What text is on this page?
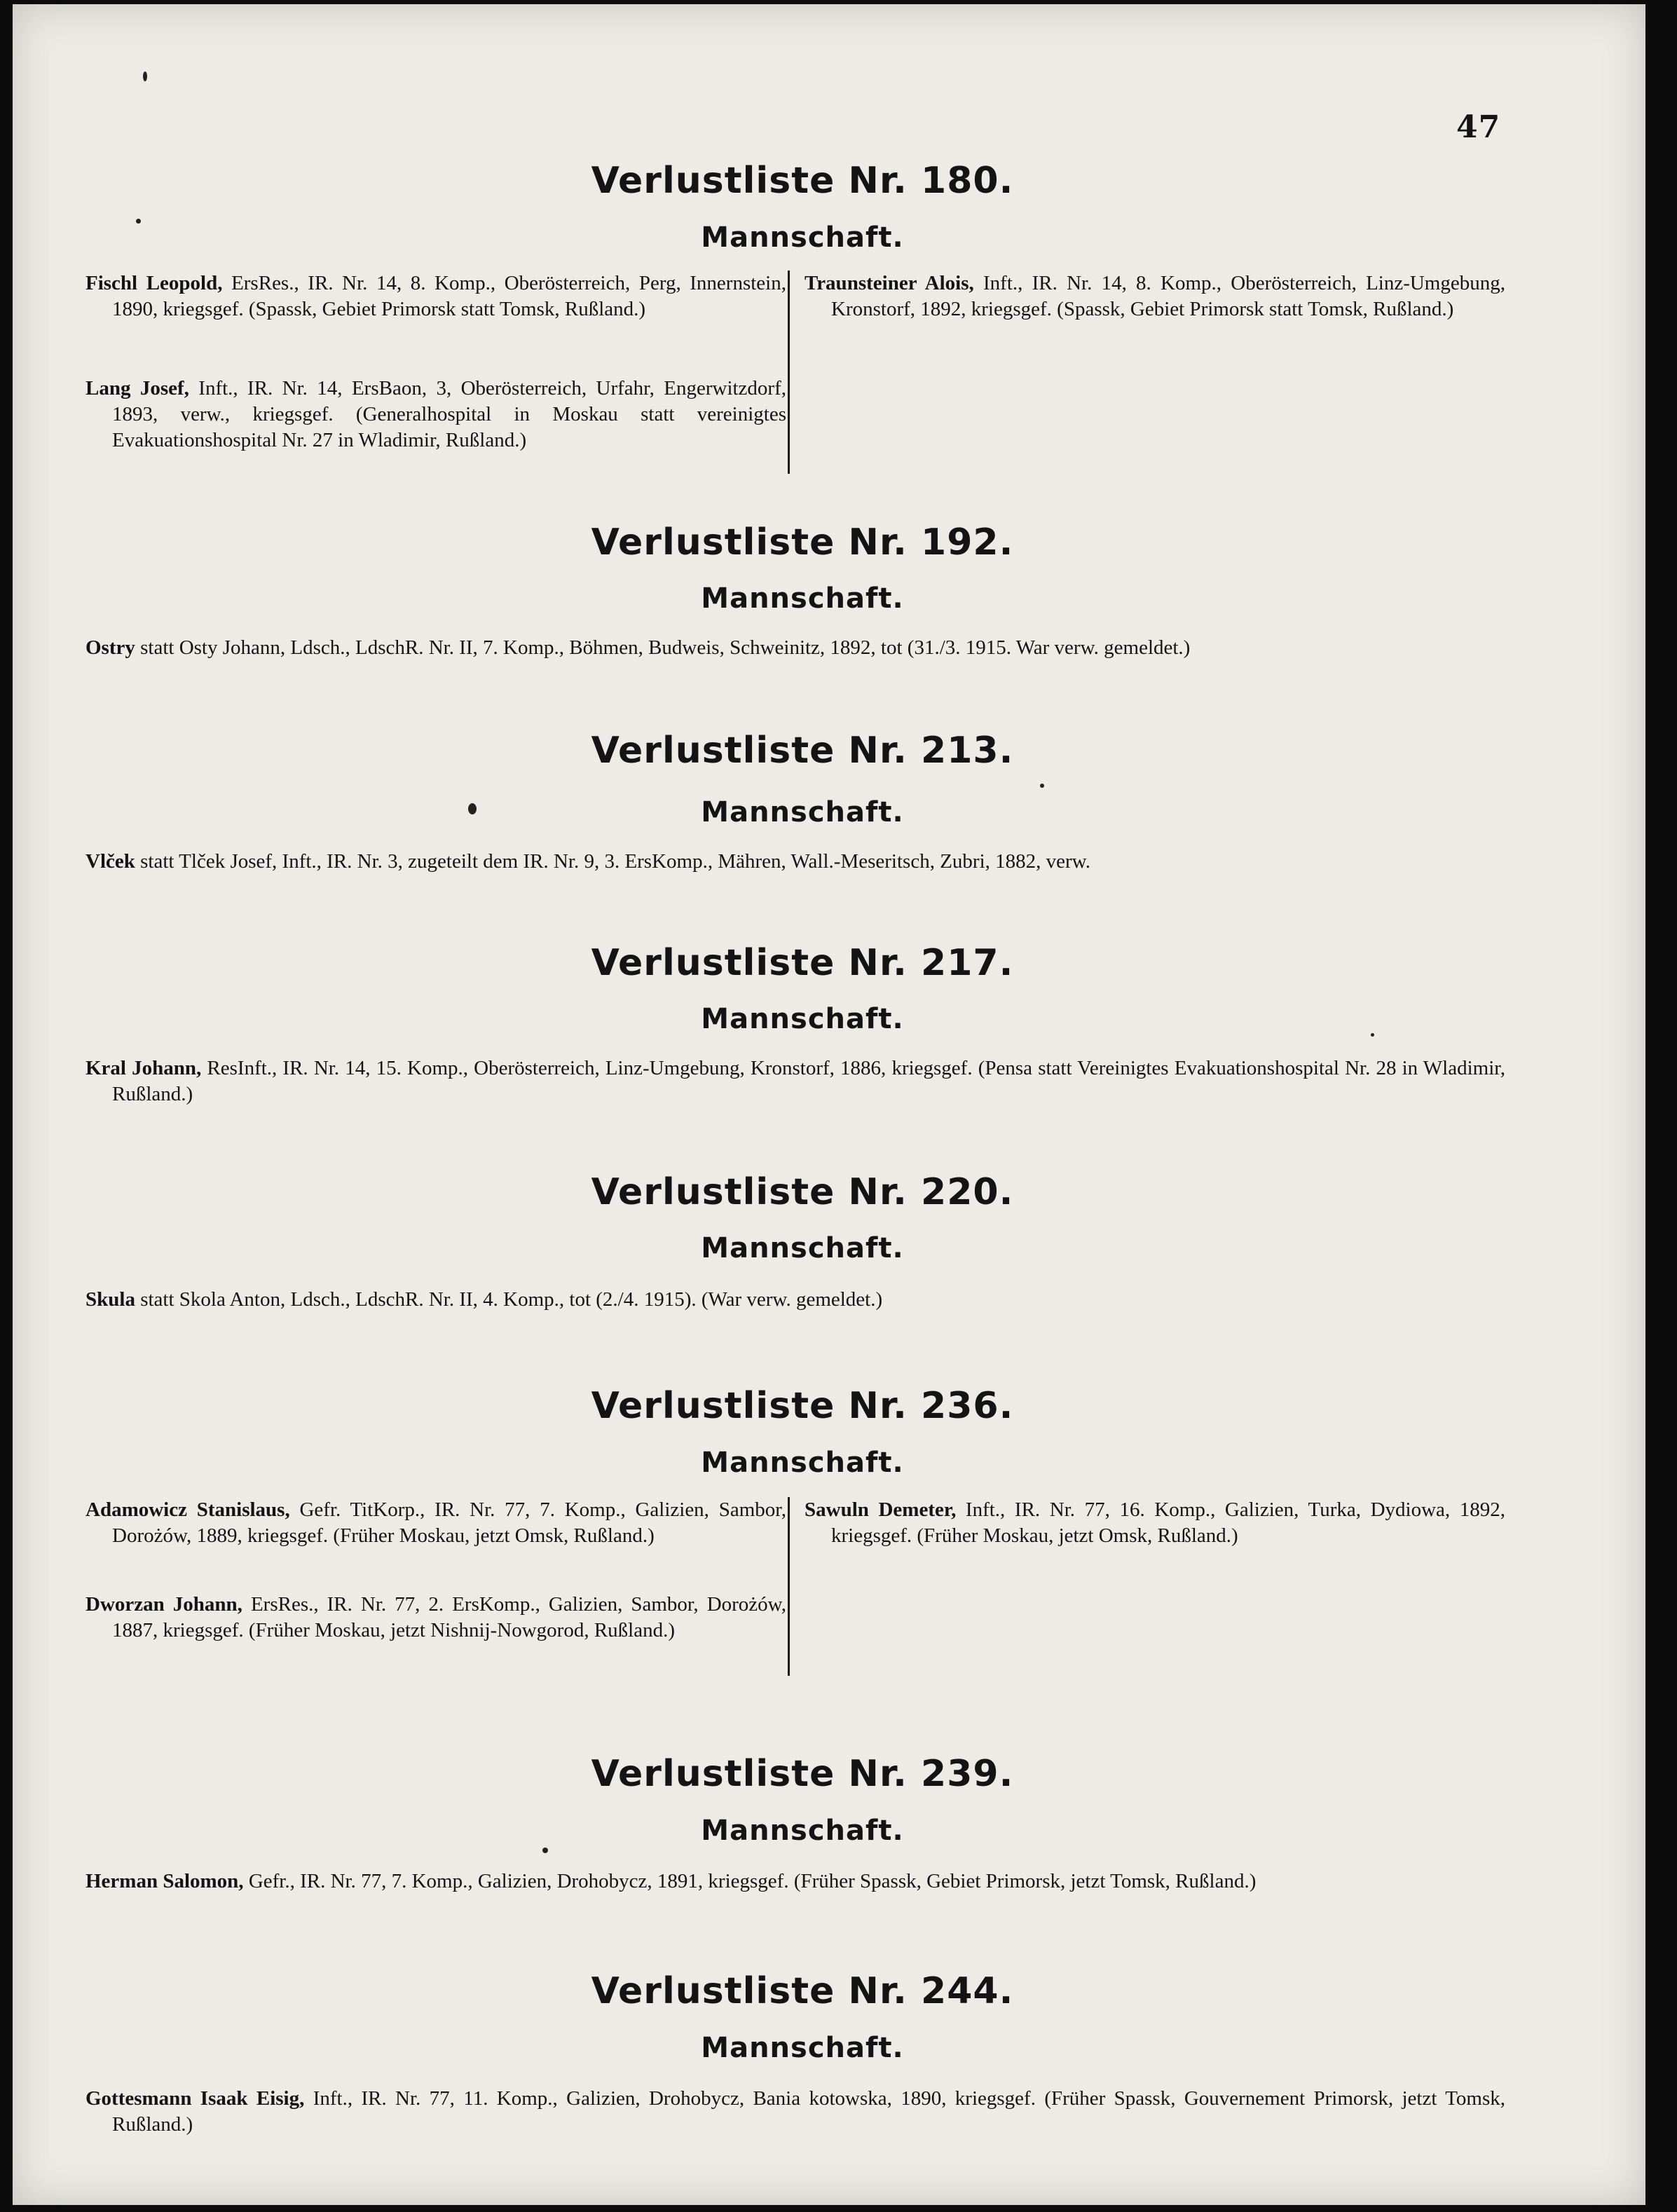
47
Verlustliste Nr. 180.
Mannschaft.
Fischl Leopold, ErsRes., IR. Nr. 14, 8. Komp., Oberösterreich, Perg, Innernstein, 1890, kriegsgef. (Spassk, Gebiet Primorsk statt Tomsk, Rußland.)
Lang Josef, Inft., IR. Nr. 14, ErsBaon, 3, Oberösterreich, Urfahr, Engerwitzdorf, 1893, verw., kriegsgef. (Generalhospital in Moskau statt vereinigtes Evakuationshospital Nr. 27 in Wladimir, Rußland.)
Traunsteiner Alois, Inft., IR. Nr. 14, 8. Komp., Oberösterreich, Linz-Umgebung, Kronstorf, 1892, kriegsgef. (Spassk, Gebiet Primorsk statt Tomsk, Rußland.)
Verlustliste Nr. 192.
Mannschaft.
Ostry statt Osty Johann, Ldsch., LdschR. Nr. II, 7. Komp., Böhmen, Budweis, Schweinitz, 1892, tot (31./3. 1915. War verw. gemeldet.)
Verlustliste Nr. 213.
Mannschaft.
Vlček statt Tlček Josef, Inft., IR. Nr. 3, zugeteilt dem IR. Nr. 9, 3. ErsKomp., Mähren, Wall.-Meseritsch, Zubri, 1882, verw.
Verlustliste Nr. 217.
Mannschaft.
Kral Johann, ResInft., IR. Nr. 14, 15. Komp., Oberösterreich, Linz-Umgebung, Kronstorf, 1886, kriegsgef. (Pensa statt Vereinigtes Evakuationshospital Nr. 28 in Wladimir, Rußland.)
Verlustliste Nr. 220.
Mannschaft.
Skula statt Skola Anton, Ldsch., LdschR. Nr. II, 4. Komp., tot (2./4. 1915). (War verw. gemeldet.)
Verlustliste Nr. 236.
Mannschaft.
Adamowicz Stanislaus, Gefr. TitKorp., IR. Nr. 77, 7. Komp., Galizien, Sambor, Dorożów, 1889, kriegsgef. (Früher Moskau, jetzt Omsk, Rußland.)
Dworzan Johann, ErsRes., IR. Nr. 77, 2. ErsKomp., Galizien, Sambor, Dorożów, 1887, kriegsgef. (Früher Moskau, jetzt Nishnij-Nowgorod, Rußland.)
Sawuln Demeter, Inft., IR. Nr. 77, 16. Komp., Galizien, Turka, Dydiowa, 1892, kriegsgef. (Früher Moskau, jetzt Omsk, Rußland.)
Verlustliste Nr. 239.
Mannschaft.
Herman Salomon, Gefr., IR. Nr. 77, 7. Komp., Galizien, Drohobycz, 1891, kriegsgef. (Früher Spassk, Gebiet Primorsk, jetzt Tomsk, Rußland.)
Verlustliste Nr. 244.
Mannschaft.
Gottesmann Isaak Eisig, Inft., IR. Nr. 77, 11. Komp., Galizien, Drohobycz, Bania kotowska, 1890, kriegsgef. (Früher Spassk, Gouvernement Primorsk, jetzt Tomsk, Rußland.)
